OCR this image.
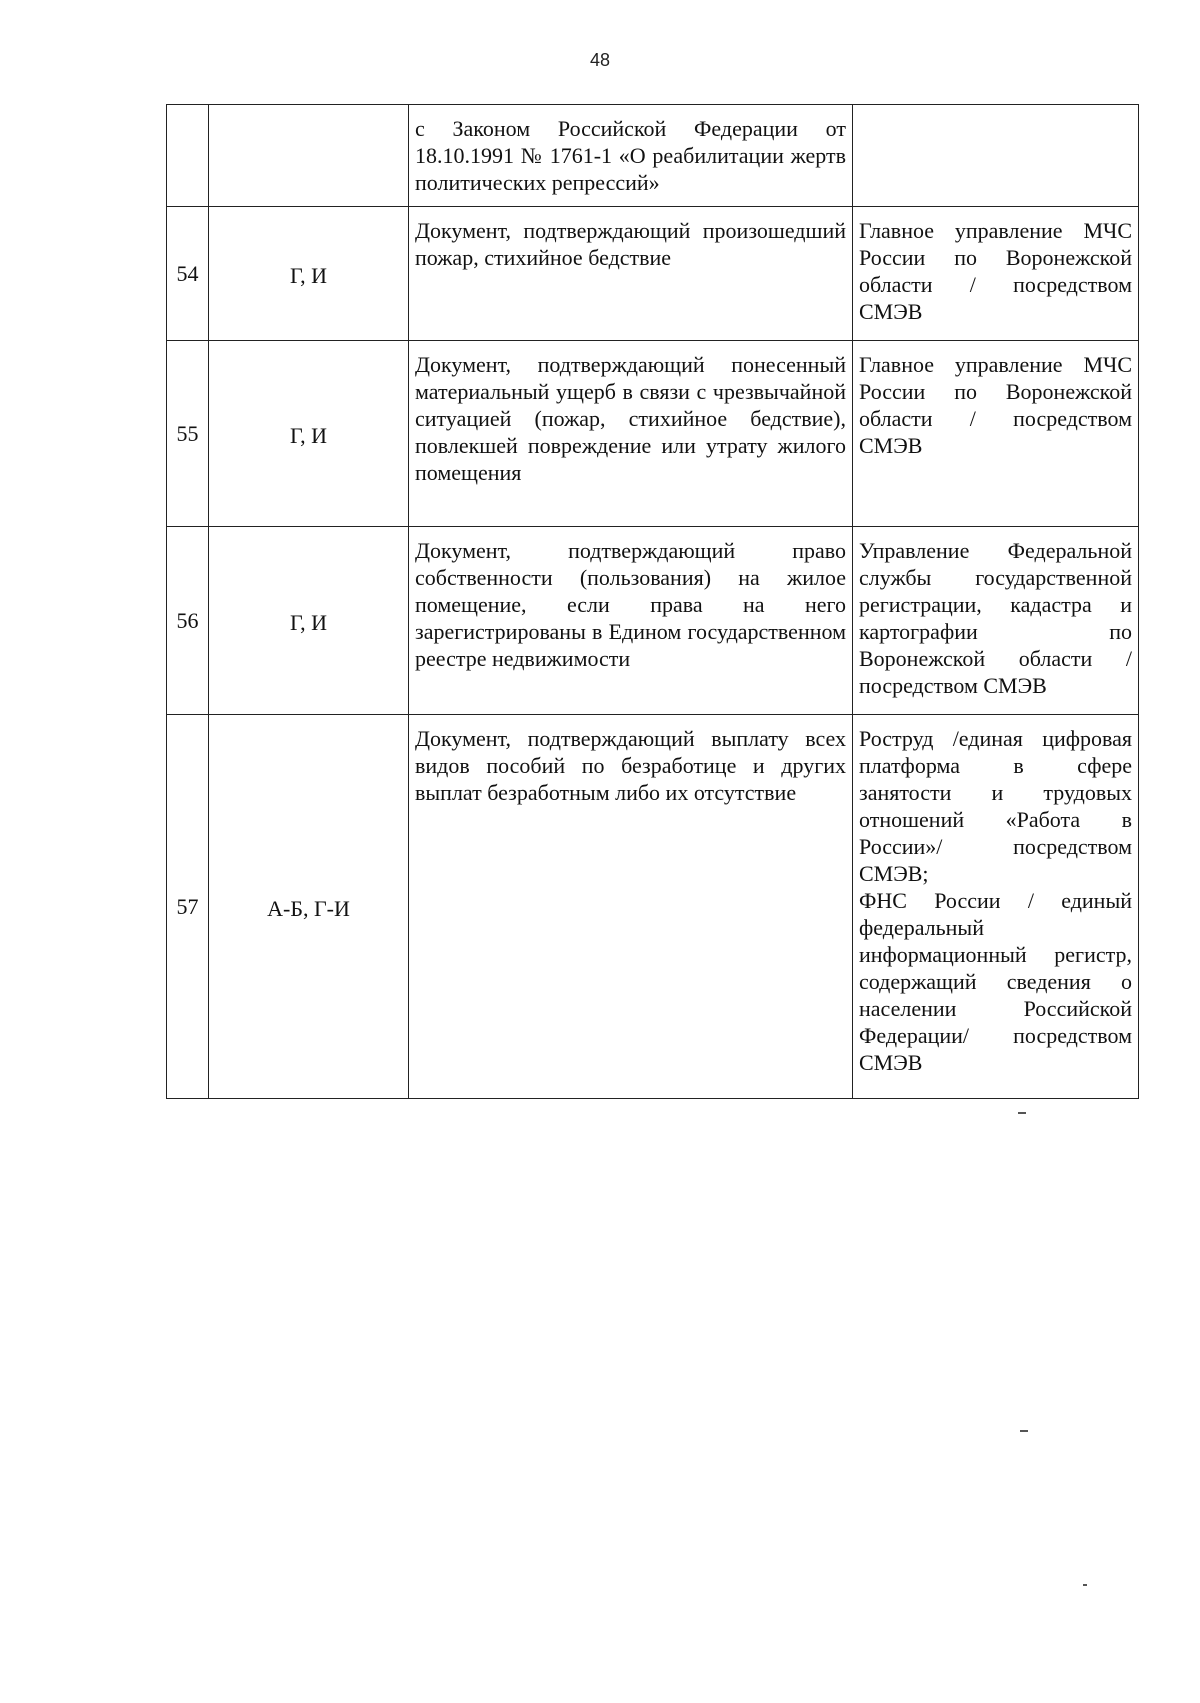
48
		с Законом Российской Федерации от 18.10.1991 № 1761-1 «О реабилитации жертв политических репрессий»	
54	Г, И	Документ, подтверждающий произошедший пожар, стихийное бедствие	Главное управление МЧС России по Воронежской области / посредством СМЭВ

55	Г, И	Документ, подтверждающий понесенный материальный ущерб в связи с чрезвычайной ситуацией (пожар, стихийное бедствие), повлекшей повреждение или утрату жилого помещения	Главное управление МЧС России по Воронежской области / посредством СМЭВ

56	Г, И	Документ, подтверждающий право собственности (пользования) на жилое помещение, если права на него зарегистрированы в Едином государственном реестре недвижимости	Управление Федеральной службы государственной регистрации, кадастра и картографии по Воронежской области / посредством СМЭВ

57	А-Б, Г-И	Документ, подтверждающий выплату всех видов пособий по безработице и других выплат безработным либо их отсутствие	Роструд /единая цифровая платформа в сфере занятости и трудовых отношений «Работа в России»/ посредством СМЭВ;
ФНС России / единый федеральный информационный регистр, содержащий сведения о населении Российской Федерации/ посредством СМЭВ
